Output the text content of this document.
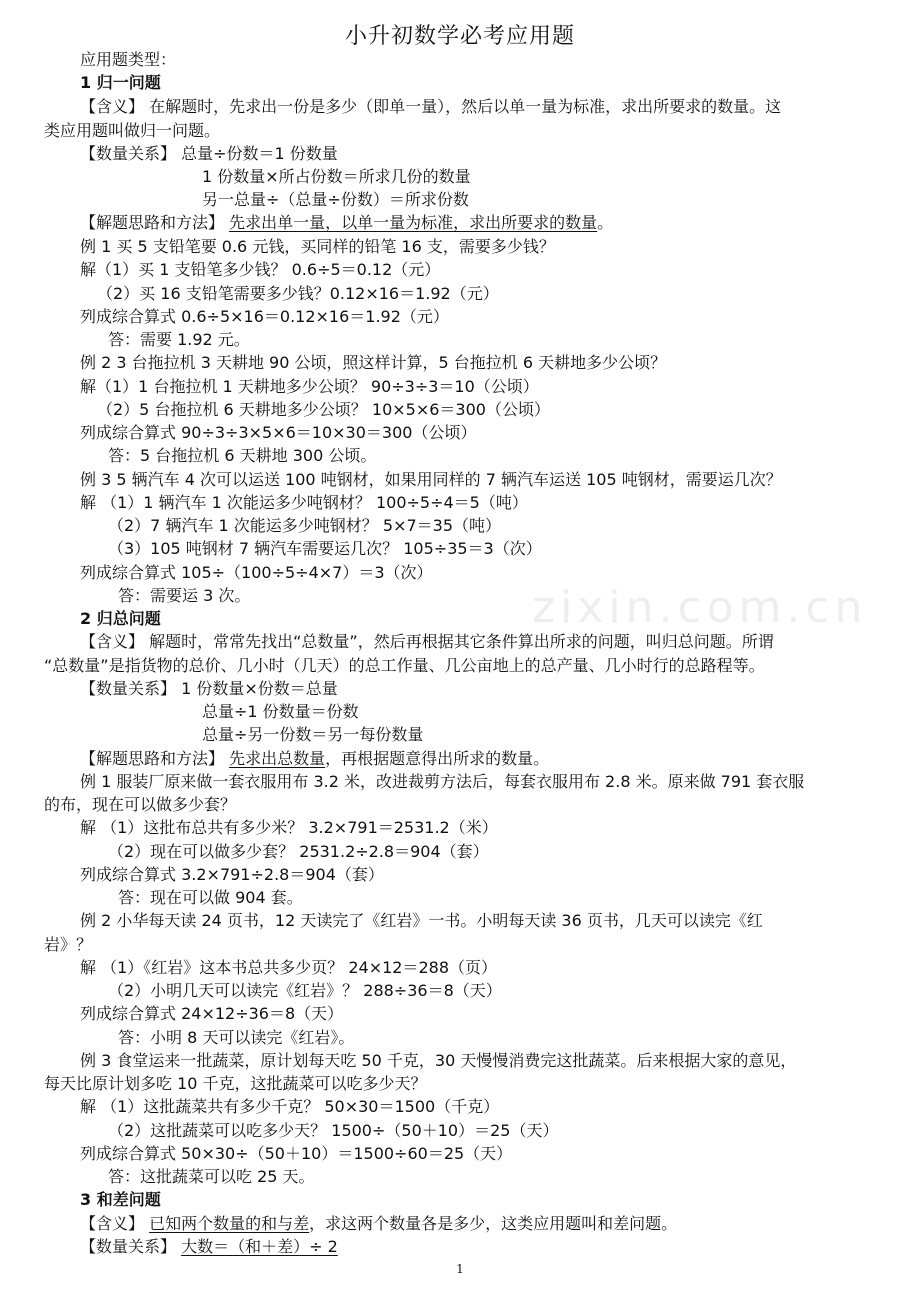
小升初数学必考应用题
zixin.com.cn
应用题类型：
1 归一问题
【含义】 在解题时，先求出一份是多少（即单一量），然后以单一量为标准，求出所要求的数量。这
类应用题叫做归一问题。
【数量关系】 总量÷份数＝1 份数量
1 份数量×所占份数＝所求几份的数量
另一总量÷（总量÷份数）＝所求份数
【解题思路和方法】 先求出单一量，以单一量为标准，求出所要求的数量。
例 1 买 5 支铅笔要 0.6 元钱，买同样的铅笔 16 支，需要多少钱？
解（1）买 1 支铅笔多少钱？ 0.6÷5＝0.12（元）
（2）买 16 支铅笔需要多少钱？0.12×16＝1.92（元）
列成综合算式 0.6÷5×16＝0.12×16＝1.92（元）
答：需要 1.92 元。
例 2 3 台拖拉机 3 天耕地 90 公顷，照这样计算，5 台拖拉机 6 天耕地多少公顷？
解（1）1 台拖拉机 1 天耕地多少公顷？ 90÷3÷3＝10（公顷）
（2）5 台拖拉机 6 天耕地多少公顷？ 10×5×6＝300（公顷）
列成综合算式 90÷3÷3×5×6＝10×30＝300（公顷）
答：5 台拖拉机 6 天耕地 300 公顷。
例 3 5 辆汽车 4 次可以运送 100 吨钢材，如果用同样的 7 辆汽车运送 105 吨钢材，需要运几次？
解 （1）1 辆汽车 1 次能运多少吨钢材？ 100÷5÷4＝5（吨）
（2）7 辆汽车 1 次能运多少吨钢材？ 5×7＝35（吨）
（3）105 吨钢材 7 辆汽车需要运几次？ 105÷35＝3（次）
列成综合算式 105÷（100÷5÷4×7）＝3（次）
答：需要运 3 次。
2 归总问题
【含义】 解题时，常常先找出“总数量”，然后再根据其它条件算出所求的问题，叫归总问题。所谓
“总数量”是指货物的总价、几小时（几天）的总工作量、几公亩地上的总产量、几小时行的总路程等。
【数量关系】 1 份数量×份数＝总量
总量÷1 份数量＝份数
总量÷另一份数＝另一每份数量
【解题思路和方法】 先求出总数量，再根据题意得出所求的数量。
例 1 服装厂原来做一套衣服用布 3.2 米，改进裁剪方法后，每套衣服用布 2.8 米。原来做 791 套衣服
的布，现在可以做多少套？
解 （1）这批布总共有多少米？ 3.2×791＝2531.2（米）
（2）现在可以做多少套？ 2531.2÷2.8＝904（套）
列成综合算式 3.2×791÷2.8＝904（套）
答：现在可以做 904 套。
例 2 小华每天读 24 页书，12 天读完了《红岩》一书。小明每天读 36 页书，几天可以读完《红
岩》？
解 （1）《红岩》这本书总共多少页？ 24×12＝288（页）
（2）小明几天可以读完《红岩》？ 288÷36＝8（天）
列成综合算式 24×12÷36＝8（天）
答：小明 8 天可以读完《红岩》。
例 3 食堂运来一批蔬菜，原计划每天吃 50 千克，30 天慢慢消费完这批蔬菜。后来根据大家的意见，
每天比原计划多吃 10 千克，这批蔬菜可以吃多少天？
解 （1）这批蔬菜共有多少千克？ 50×30＝1500（千克）
（2）这批蔬菜可以吃多少天？ 1500÷（50＋10）＝25（天）
列成综合算式 50×30÷（50＋10）＝1500÷60＝25（天）
答：这批蔬菜可以吃 25 天。
3 和差问题
【含义】 已知两个数量的和与差，求这两个数量各是多少，这类应用题叫和差问题。
【数量关系】 大数＝（和＋差）÷ 2
1
